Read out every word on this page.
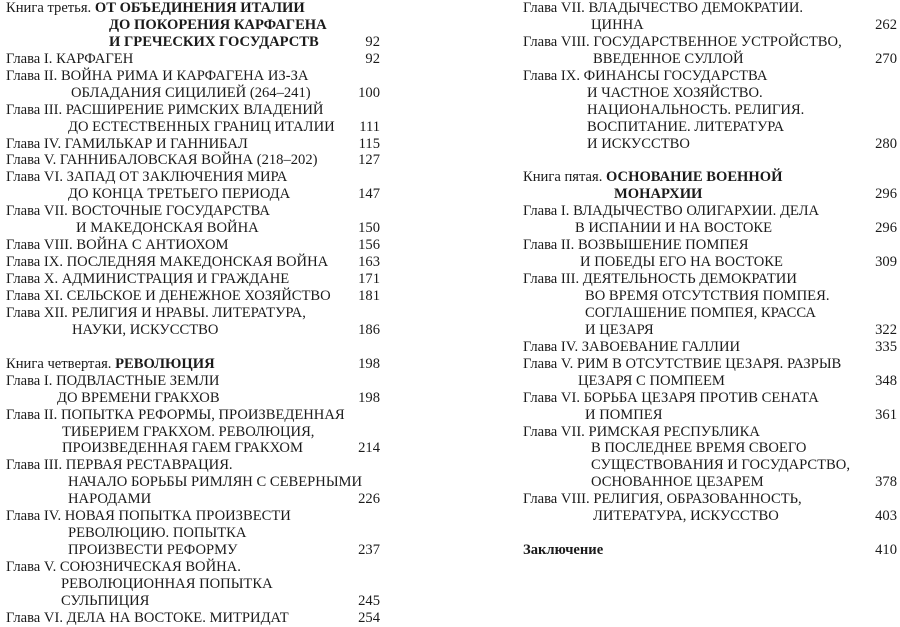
Книга третья. ОТ ОБЪЕДИНЕНИЯ ИТАЛИИ
ДО ПОКОРЕНИЯ КАРФАГЕНА
И ГРЕЧЕСКИХ ГОСУДАРСТВ	92
Глава I. КАРФАГЕН	92
Глава II. ВОЙНА РИМА И КАРФАГЕНА ИЗ-ЗА
ОБЛАДАНИЯ СИЦИЛИЕЙ (264–241)	100
Глава III. РАСШИРЕНИЕ РИМСКИХ ВЛАДЕНИЙ
ДО ЕСТЕСТВЕННЫХ ГРАНИЦ ИТАЛИИ 111
Глава IV. ГАМИЛЬКАР И ГАННИБАЛ	115
Глава V. ГАННИБАЛОВСКАЯ ВОЙНА (218–202)	127
Глава VI. ЗАПАД ОТ ЗАКЛЮЧЕНИЯ МИРА
ДО КОНЦА ТРЕТЬЕГО ПЕРИОДА	147
Глава VII. ВОСТОЧНЫЕ ГОСУДАРСТВА
И МАКЕДОНСКАЯ ВОЙНА	150
Глава VIII. ВОЙНА С АНТИОХОМ	156
Глава IX. ПОСЛЕДНЯЯ МАКЕДОНСКАЯ ВОЙНА 163
Глава X. АДМИНИСТРАЦИЯ И ГРАЖДАНЕ	171
Глава XI. СЕЛЬСКОЕ И ДЕНЕЖНОЕ ХОЗЯЙСТВО 181
Глава XII. РЕЛИГИЯ И НРАВЫ. ЛИТЕРАТУРА,
НАУКИ, ИСКУССТВО	186
Книга четвертая. РЕВОЛЮЦИЯ	198
Глава I. ПОДВЛАСТНЫЕ ЗЕМЛИ
ДО ВРЕМЕНИ ГРАКХОВ	198
Глава II. ПОПЫТКА РЕФОРМЫ, ПРОИЗВЕДЕННАЯ
ТИБЕРИЕМ ГРАКХОМ. РЕВОЛЮЦИЯ,
ПРОИЗВЕДЕННАЯ ГАЕМ ГРАКХОМ	214
Глава III. ПЕРВАЯ РЕСТАВРАЦИЯ.
НАЧАЛО БОРЬБЫ РИМЛЯН С СЕВЕРНЫМИ
НАРОДАМИ	226
Глава IV. НОВАЯ ПОПЫТКА ПРОИЗВЕСТИ
РЕВОЛЮЦИЮ. ПОПЫТКА
ПРОИЗВЕСТИ РЕФОРМУ	237
Глава V. СОЮЗНИЧЕСКАЯ ВОЙНА.
РЕВОЛЮЦИОННАЯ ПОПЫТКА
СУЛЬПИЦИЯ	245
Глава VI. ДЕЛА НА ВОСТОКЕ. МИТРИДАТ	254
Глава VII. ВЛАДЫЧЕСТВО ДЕМОКРАТИИ.
ЦИННА	262
Глава VIII. ГОСУДАРСТВЕННОЕ УСТРОЙСТВО,
ВВЕДЕННОЕ СУЛЛОЙ	270
Глава IX. ФИНАНСЫ ГОСУДАРСТВА
И ЧАСТНОЕ ХОЗЯЙСТВО.
НАЦИОНАЛЬНОСТЬ. РЕЛИГИЯ.
ВОСПИТАНИЕ. ЛИТЕРАТУРА
И ИСКУССТВО	280
Книга пятая. ОСНОВАНИЕ ВОЕННОЙ
МОНАРХИИ	296
Глава I. ВЛАДЫЧЕСТВО ОЛИГАРХИИ. ДЕЛА
В ИСПАНИИ И НА ВОСТОКЕ	296
Глава II. ВОЗВЫШЕНИЕ ПОМПЕЯ
И ПОБЕДЫ ЕГО НА ВОСТОКЕ	309
Глава III. ДЕЯТЕЛЬНОСТЬ ДЕМОКРАТИИ
ВО ВРЕМЯ ОТСУТСТВИЯ ПОМПЕЯ.
СОГЛАШЕНИЕ ПОМПЕЯ, КРАССА
И ЦЕЗАРЯ	322
Глава IV. ЗАВОЕВАНИЕ ГАЛЛИИ	335
Глава V. РИМ В ОТСУТСТВИЕ ЦЕЗАРЯ. РАЗРЫВ
ЦЕЗАРЯ С ПОМПЕЕМ	348
Глава VI. БОРЬБА ЦЕЗАРЯ ПРОТИВ СЕНАТА
И ПОМПЕЯ	361
Глава VII. РИМСКАЯ РЕСПУБЛИКА
В ПОСЛЕДНЕЕ ВРЕМЯ СВОЕГО
СУЩЕСТВОВАНИЯ И ГОСУДАРСТВО,
ОСНОВАННОЕ ЦЕЗАРЕМ	378
Глава VIII. РЕЛИГИЯ, ОБРАЗОВАННОСТЬ,
ЛИТЕРАТУРА, ИСКУССТВО	403
Заключение	410
